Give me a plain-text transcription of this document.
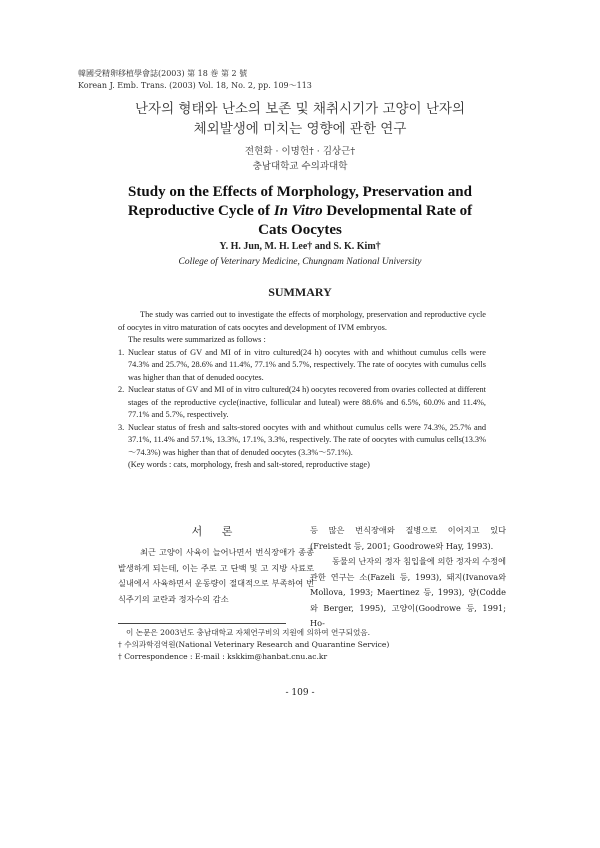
韓國受精卵移植學會誌(2003) 第 18 巻 第 2 號
Korean J. Emb. Trans. (2003) Vol. 18, No. 2, pp. 109～113
난자의 형태와 난소의 보존 및 채취시기가 고양이 난자의
체외발생에 미치는 영향에 관한 연구
전현화 · 이명헌† · 김상근†
충남대학교 수의과대학
Study on the Effects of Morphology, Preservation and
Reproductive Cycle of In Vitro Developmental Rate of
Cats Oocytes
Y. H. Jun, M. H. Lee† and S. K. Kim†
College of Veterinary Medicine, Chungnam National University
SUMMARY

The study was carried out to investigate the effects of morphology, preservation and reproductive cycle of oocytes in vitro maturation of cats oocytes and development of IVM embryos.

The results were summarized as follows :

1. Nuclear status of GV and MI of in vitro cultured(24 h) oocytes with and whithout cumulus cells were 74.3% and 25.7%, 28.6% and 11.4%, 77.1% and 5.7%, respectively. The rate of oocytes with cumulus cells was higher than that of denuded oocytes.
2. Nuclear status of GV and MI of in vitro cultured(24 h) oocytes recovered from ovaries collected at different stages of the reproductive cycle(inactive, follicular and luteal) were 88.6% and 6.5%, 60.0% and 11.4%, 77.1% and 5.7%, respectively.
3. Nuclear status of fresh and salts-stored oocytes with and whithout cumulus cells were 74.3%, 25.7% and 37.1%, 11.4% and 57.1%, 13.3%, 17.1%, 3.3%, respectively. The rate of oocytes with cumulus cells(13.3%～74.3%) was higher than that of denuded oocytes (3.3%～57.1%).

(Key words : cats, morphology, fresh and salt-stored, reproductive stage)

서 론

최근 고양이 사육이 늘어나면서 번식장애가 종종 발생하게 되는데, 이는 주로 고 단백 및 고 지방 사료로 실내에서 사육하면서 운동량이 절대적으로 부족하여 번식주기의 교란과 정자수의 감소

등 많은 번식장애와 질병으로 이어지고 있다(Freistedt 등, 2001; Goodrowe와 Hay, 1993).

동물의 난자의 정자 침입율에 의한 정자의 수정에 관한 연구는 소(Fazeli 등, 1993), 돼지(Ivanova와 Mollova, 1993; Maertinez 등, 1993), 양(Codde와 Berger, 1995), 고양이(Goodrowe 등, 1991; Ho-

이 논문은 2003년도 충남대학교 자체연구비의 지원에 의하여 연구되었음.
† 수의과학검역원(National Veterinary Research and Quarantine Service)
† Correspondence : E-mail : kskkim@hanbat.cnu.ac.kr
- 109 -
